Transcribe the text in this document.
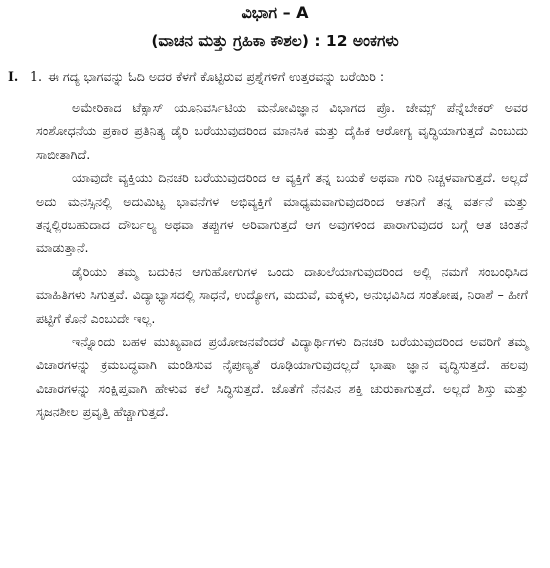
ವಿಭಾಗ – A
(ವಾಚನ ಮತ್ತು ಗ್ರಹಿಕಾ ಕೌಶಲ) : 12 ಅಂಕಗಳು
I. 1. ಈ ಗದ್ಯ ಭಾಗವನ್ನು ಓದಿ ಅದರ ಕೆಳಗೆ ಕೊಟ್ಟಿರುವ ಪ್ರಶ್ನೆಗಳಿಗೆ ಉತ್ತರವನ್ನು ಬರೆಯಿರಿ :

ಅಮೇರಿಕಾದ ಟೆಕ್ಸಾಸ್ ಯೂನಿವರ್ಸಿಟಿಯ ಮನೋವಿಜ್ಞಾನ ವಿಭಾಗದ ಪ್ರೊ. ಜೇಮ್ಸ್ ಪೆನ್ನೆಬೇಕರ್ ಅವರ ಸಂಶೋಧನೆಯ ಪ್ರಕಾರ ಪ್ರತಿನಿತ್ಯ ಡೈರಿ ಬರೆಯುವುದರಿಂದ ಮಾನಸಿಕ ಮತ್ತು ದೈಹಿಕ ಆರೋಗ್ಯ ವೃದ್ಧಿಯಾಗುತ್ತದೆ ಎಂಬುದು ಸಾಬೀತಾಗಿದೆ.

ಯಾವುದೇ ವ್ಯಕ್ತಿಯು ದಿನಚರಿ ಬರೆಯುವುದರಿಂದ ಆ ವ್ಯಕ್ತಿಗೆ ತನ್ನ ಬಯಕೆ ಅಥವಾ ಗುರಿ ನಿಚ್ಚಳವಾಗುತ್ತದೆ. ಅಲ್ಲದೆ ಅದು ಮನಸ್ಸಿನಲ್ಲಿ ಅದುಮಿಟ್ಟ ಭಾವನೆಗಳ ಅಭಿವ್ಯಕ್ತಿಗೆ ಮಾಧ್ಯಮವಾಗುವುದರಿಂದ ಆತನಿಗೆ ತನ್ನ ವರ್ತನೆ ಮತ್ತು ತನ್ನಲ್ಲಿರಬಹುದಾದ ದೌರ್ಬಲ್ಯ ಅಥವಾ ತಪ್ಪುಗಳ ಅರಿವಾಗುತ್ತದೆ ಆಗ ಅವುಗಳಿಂದ ಪಾರಾಗುವುದರ ಬಗ್ಗೆ ಆತ ಚಿಂತನೆ ಮಾಡುತ್ತಾನೆ.

ಡೈರಿಯು ತಮ್ಮ ಬದುಕಿನ ಆಗುಹೋಗುಗಳ ಒಂದು ದಾಖಲೆಯಾಗುವುದರಿಂದ ಅಲ್ಲಿ ನಮಗೆ ಸಂಬಂಧಿಸಿದ ಮಾಹಿತಿಗಳು ಸಿಗುತ್ತವೆ. ವಿದ್ಯಾಭ್ಯಾಸದಲ್ಲಿ ಸಾಧನೆ, ಉದ್ಯೋಗ, ಮದುವೆ, ಮಕ್ಕಳು, ಅನುಭವಿಸಿದ ಸಂತೋಷ, ನಿರಾಶೆ – ಹೀಗೆ ಪಟ್ಟಿಗೆ ಕೊನೆ ಎಂಬುದೇ ಇಲ್ಲ.

ಇನ್ನೊಂದು ಬಹಳ ಮುಖ್ಯವಾದ ಪ್ರಯೋಜನವೆಂದರೆ ವಿದ್ಯಾರ್ಥಿಗಳು ದಿನಚರಿ ಬರೆಯುವುದರಿಂದ ಅವರಿಗೆ ತಮ್ಮ ವಿಚಾರಗಳನ್ನು ಕ್ರಮಬದ್ಧವಾಗಿ ಮಂಡಿಸುವ ನೈಪುಣ್ಯತೆ ರೂಢಿಯಾಗುವುದಲ್ಲದೆ ಭಾಷಾ ಜ್ಞಾನ ವೃದ್ಧಿಸುತ್ತದೆ. ಹಲವು ವಿಚಾರಗಳನ್ನು ಸಂಕ್ಷಿಪ್ತವಾಗಿ ಹೇಳುವ ಕಲೆ ಸಿದ್ಧಿಸುತ್ತದೆ. ಜೊತೆಗೆ ನೆನಪಿನ ಶಕ್ತಿ ಚುರುಕಾಗುತ್ತದೆ. ಅಲ್ಲದೆ ಶಿಸ್ತು ಮತ್ತು ಸೃಜನಶೀಲ ಪ್ರವೃತ್ತಿ ಹೆಚ್ಚಾಗುತ್ತದೆ.
